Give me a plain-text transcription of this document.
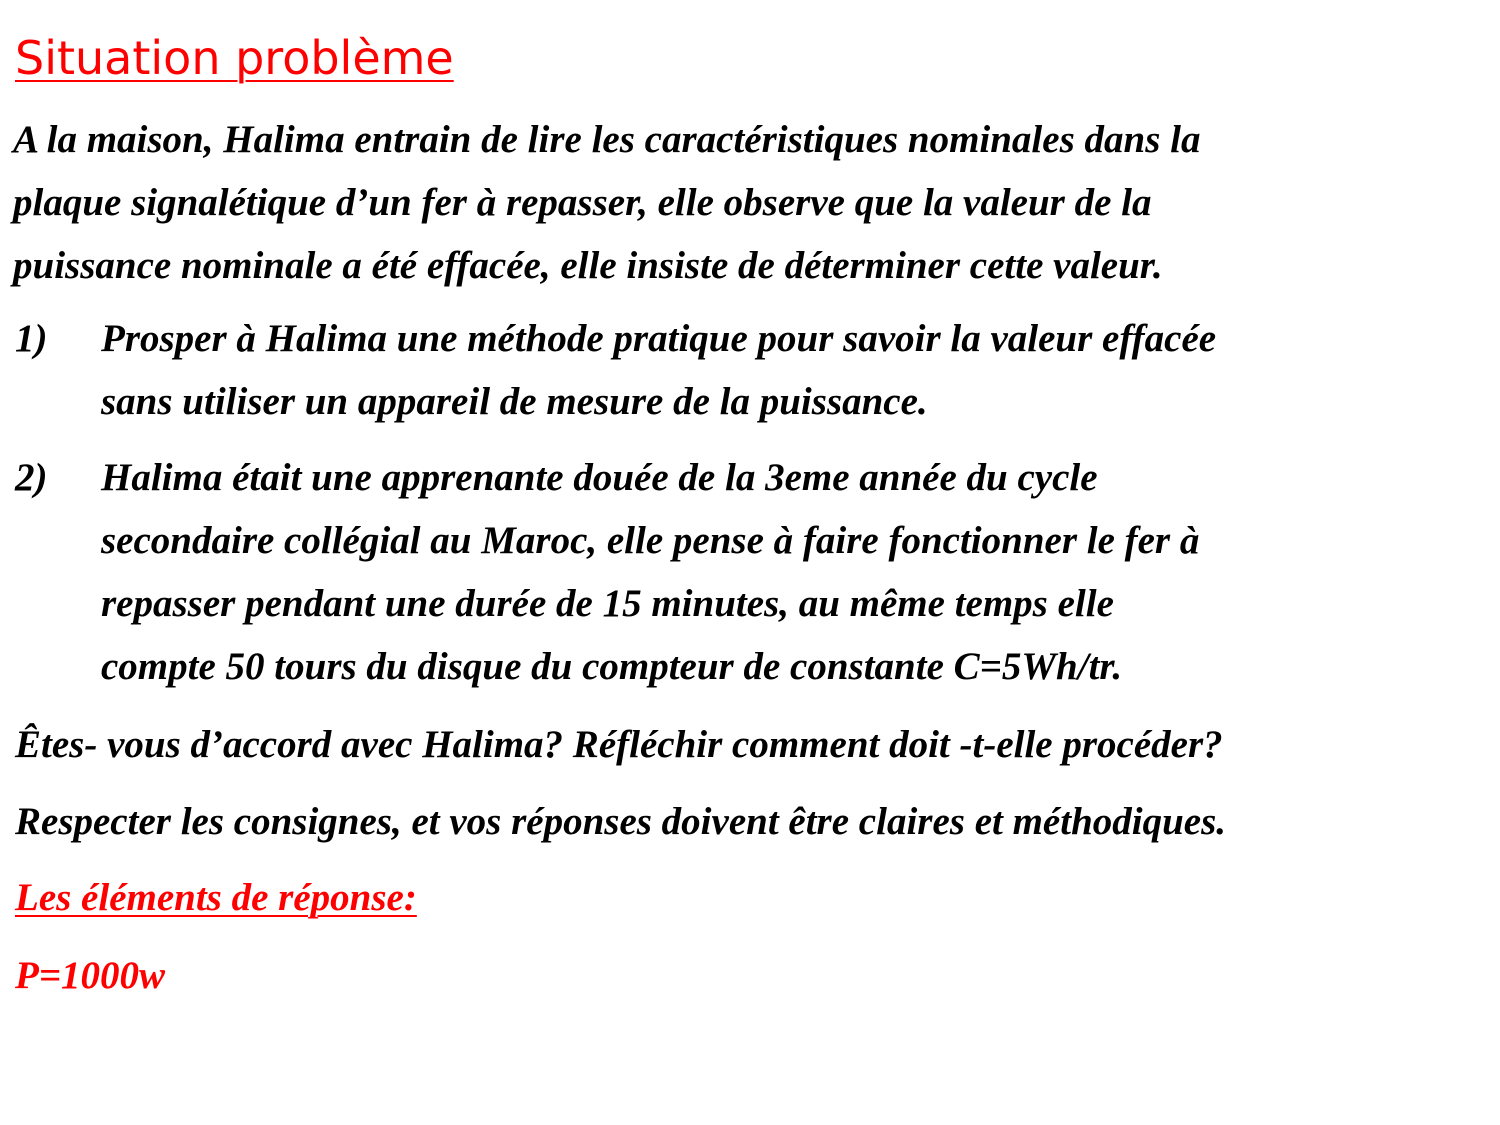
Situation problème
A la maison, Halima entrain de lire les caractéristiques nominales dans la
plaque signalétique d’un fer à repasser, elle observe que la valeur de la
puissance nominale a été effacée, elle insiste de déterminer cette valeur.
1) Prosper à Halima une méthode pratique pour savoir la valeur effacée
sans utiliser un appareil de mesure de la puissance.
2) Halima était une apprenante douée de la 3eme année du cycle
secondaire collégial au Maroc, elle pense à faire fonctionner le fer à
repasser pendant une durée de 15 minutes, au même temps elle
compte 50 tours du disque du compteur de constante C=5Wh/tr.

Êtes- vous d’accord avec Halima? Réfléchir comment doit -t-elle procéder?

Respecter les consignes, et vos réponses doivent être claires et méthodiques.

Les éléments de réponse:

P=1000w
